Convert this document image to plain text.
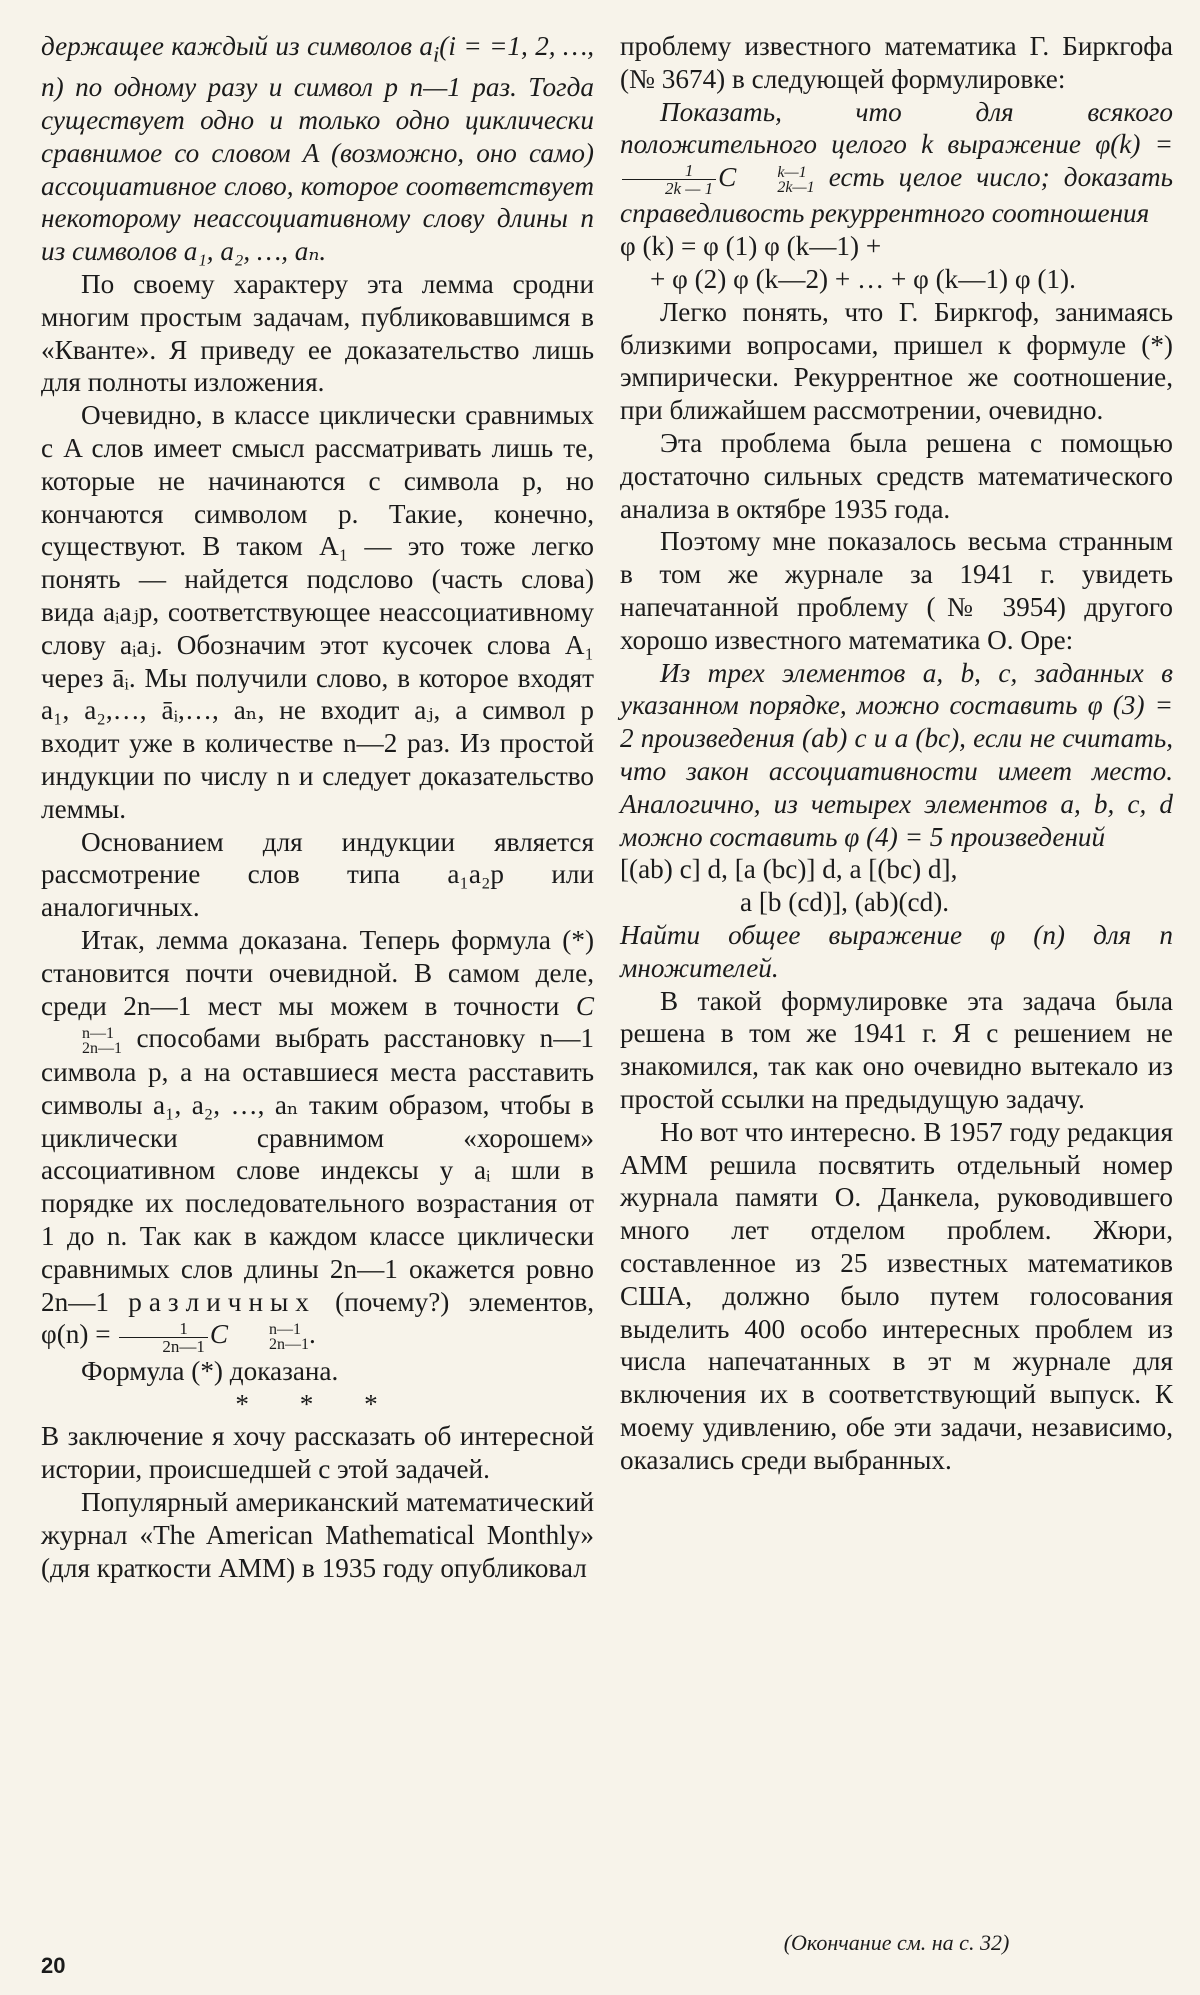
держащее каждый из символов $a_i(i = =1$, 2, …, n) по одному разу и символ p n—1 раз. Тогда существует одно и только одно циклически сравнимое со словом A (возможно, оно само) ассоциативное слово, которое соответствует некоторому неассоциативному слову длины n из символов a₁, a₂, …, aₙ.

По своему характеру эта лемма сродни многим простым задачам, публиковавшимся в «Кванте». Я приведу ее доказательство лишь для полноты изложения.

Очевидно, в классе циклически сравнимых с A слов имеет смысл рассматривать лишь те, которые не начинаются с символа p, но кончаются символом p. Такие, конечно, существуют. В таком A₁ — это тоже легко понять — найдется подслово (часть слова) вида aᵢaⱼp, соответствующее неассоциативному слову aᵢaⱼ. Обозначим этот кусочек слова A₁ через āᵢ. Мы получили слово, в которое входят a₁, a₂,…, āᵢ,…, aₙ, не входит aⱼ, а символ p входит уже в количестве n—2 раз. Из простой индукции по числу n и следует доказательство леммы.

Основанием для индукции является рассмотрение слов типа a₁a₂p или аналогичных.

Итак, лемма доказана. Теперь формула (*) становится почти очевидной. В самом деле, среди 2n—1 мест мы можем в точности C
n—1
2n—1 способами выбрать расстановку n—1 символа p, а на оставшиеся места расставить символы a₁, a₂, …, aₙ таким образом, чтобы в циклически сравнимом «хорошем» ассоциативном слове индексы у aᵢ шли в порядке их последовательного возрастания от 1 до n. Так как в каждом классе циклически сравнимых слов длины 2n—1 окажется ровно 2n—1 различных (почему?) элементов, $\varphi(n) = \frac{1}{2n—1}$ C	n—1
2n—1 .

Формула (*) доказана.

* * *

В заключение я хочу рассказать об интересной истории, происшедшей с этой задачей.

Популярный американский математический журнал «The American Mathematical Monthly» (для краткости AMM) в 1935 году опубликовал

проблему известного математика Г. Биркгофа (№ 3674) в следующей формулировке:

Показать, что для всякого положительного целого k выражение φ(k) =
$\frac{1}{2k — 1}$ C	k—1
2k—1 есть целое число; доказать справедливость рекуррентного соотношения

φ (k) = φ (1) φ (k—1) +

+ φ (2) φ (k—2) + … + φ (k—1) φ (1).

Легко понять, что Г. Биркгоф, занимаясь близкими вопросами, пришел к формуле (*) эмпирически. Рекуррентное же соотношение, при ближайшем рассмотрении, очевидно.

Эта проблема была решена с помощью достаточно сильных средств математического анализа в октябре 1935 года.

Поэтому мне показалось весьма странным в том же журнале за 1941 г. увидеть напечатанной проблему (№ 3954) другого хорошо известного математика О. Оре:

Из трех элементов a, b, c, заданных в указанном порядке, можно составить φ (3) = 2 произведения (ab) c и a (bc), если не считать, что закон ассоциативности имеет место. Аналогично, из четырех элементов a, b, c, d можно составить φ (4) = 5 произведений

[(ab) c] d, [a (bc)] d, a [(bc) d],

a [b (cd)], (ab)(cd).

Найти общее выражение φ (n) для n множителей.

В такой формулировке эта задача была решена в том же 1941 г. Я с решением не знакомился, так как оно очевидно вытекало из простой ссылки на предыдущую задачу.

Но вот что интересно. В 1957 году редакция AMM решила посвятить отдельный номер журнала памяти О. Данкела, руководившего много лет отделом проблем. Жюри, составленное из 25 известных математиков США, должно было путем голосования выделить 400 особо интересных проблем из числа напечатанных в эт м журнале для включения их в соответствующий выпуск. К моему удивлению, обе эти задачи, независимо, оказались среди выбранных.

(Окончание см. на с. 32)
20
